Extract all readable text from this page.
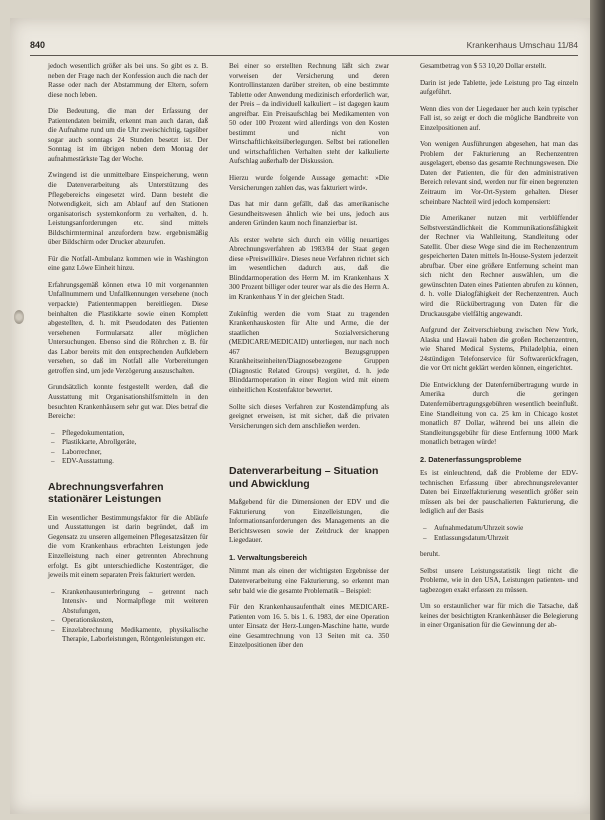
840	Krankenhaus Umschau 11/84

jedoch wesentlich größer als bei uns. So gibt es z. B. neben der Frage nach der Konfession auch die nach der Rasse oder nach der Abstammung der Eltern, sofern diese noch leben.

Die Bedeutung, die man der Erfassung der Patientendaten beimißt, erkennt man auch daran, daß die Aufnahme rund um die Uhr zweischichtig, tagsüber sogar auch sonntags 24 Stunden besetzt ist. Der Sonntag ist im übrigen neben dem Montag der aufnahmestärkste Tag der Woche.

Zwingend ist die unmittelbare Einspeicherung, wenn die Datenverarbeitung als Unterstützung des Pflegebereichs eingesetzt wird. Dann besteht die Notwendigkeit, sich am Ablauf auf den Stationen organisatorisch systemkonform zu verhalten, d. h. Leistungsanforderungen etc. sind mittels Bildschirmterminal anzufordern bzw. ergebnismäßig über Bildschirm oder Drucker abzurufen.

Für die Notfall-Ambulanz kommen wie in Washington eine ganz Löwe Einheit hinzu.

Erfahrungsgemäß können etwa 10 mit vorgenannten Unfallnummern und Unfallkennungen versehene (noch verpackte) Patientenmappen bereitliegen. Diese beinhalten die Plastikkarte sowie einen Komplett abgestellten, d. h. mit Pseudodaten des Patienten versehenen Formularsatz aller möglichen Untersuchungen. Ebenso sind die Röhrchen z. B. für das Labor bereits mit den entsprechenden Aufklebern versehen, so daß im Notfall alle Vorbereitungen getroffen sind, um jede Verzögerung auszuschalten.

Grundsätzlich konnte festgestellt werden, daß die Ausstattung mit Organisationshilfsmitteln in den besuchten Krankenhäusern sehr gut war. Dies betraf die Bereiche:

– Pflegedokumentation,
– Plastikkarte, Abrollgeräte,
– Laborrechner,
– EDV-Ausstattung.
Abrechnungsverfahren stationärer Leistungen

Ein wesentlicher Bestimmungsfaktor für die Abläufe und Ausstattungen ist darin begründet, daß im Gegensatz zu unseren allgemeinen Pflegesatzsätzen für die vom Krankenhaus erbrachten Leistungen jede Einzelleistung nach einer getrennten Abrechnung erfolgt. Es gibt unterschiedliche Kostenträger, die jeweils mit einem separaten Preis fakturiert werden.

– Krankenhausunterbringung – getrennt nach Intensiv- und Normalpflege mit weiteren Abstufungen,
– Operationskosten,
– Einzelabrechnung Medikamente, physikalische Therapie, Laborleistungen, Röntgenleistungen etc.

Bei einer so erstellten Rechnung läßt sich zwar vorweisen der Versicherung und deren Kontrollinstanzen darüber streiten, ob eine bestimmte Tablette oder Anwendung medizinisch erforderlich war, der Preis – da individuell kalkuliert – ist dagegen kaum angreifbar. Ein Preisaufschlag bei Medikamenten von 50 oder 100 Prozent wird allerdings von den Kosten bestimmt und nicht von Wirtschaftlichkeitsüberlegungen. Selbst bei rationellen und wirtschaftlichen Verhalten steht der kalkulierte Aufschlag außerhalb der Diskussion.

Hierzu wurde folgende Aussage gemacht: »Die Versicherungen zahlen das, was fakturiert wird«.

Das hat mir dann gefällt, daß das amerikanische Gesundheitswesen ähnlich wie bei uns, jedoch aus anderen Gründen kaum noch finanzierbar ist.

Als erster wehrte sich durch ein völlig neuartiges Abrechnungsverfahren ab 1983/84 der Staat gegen diese »Preiswillkür«. Dieses neue Verfahren richtet sich im wesentlichen dadurch aus, daß die Blinddarmoperation des Herrn M. im Krankenhaus X 300 Prozent billiger oder teurer war als die des Herrn A. im Krankenhaus Y in der gleichen Stadt.

Zukünftig werden die vom Staat zu tragenden Krankenhauskosten für Alte und Arme, die der staatlichen Sozialversicherung (MEDICARE/MEDICAID) unterliegen, nur nach noch 467 Bezugsgruppen Krankheitseinheiten/Diagnosebezogene Gruppen (Diagnostic Related Groups) vergütet, d. h. jede Blinddarmoperation in einer Region wird mit einem einheitlichen Kostenfaktor bewertet.

Sollte sich dieses Verfahren zur Kostendämpfung als geeignet erweisen, ist mit sicher, daß die privaten Versicherungen sich dem anschließen werden.

Datenverarbeitung – Situation und Abwicklung

Maßgebend für die Dimensionen der EDV und die Fakturierung von Einzelleistungen, die Informationsanforderungen des Managements an die Berichtswesen sowie der Zeitdruck der knappen Liegedauer.

1. Verwaltungsbereich

Nimmt man als einen der wichtigsten Ergebnisse der Datenverarbeitung eine Fakturierung, so erkennt man sehr bald wie die gesamte Problematik – Beispiel:

Für den Krankenhausaufenthalt eines MEDICARE-Patienten vom 16. 5. bis 1. 6. 1983, der eine Operation unter Einsatz der Herz-Lungen-Maschine hatte, wurde eine Gesamtrechnung von 13 Seiten mit ca. 350 Einzelpositionen über den

Gesamtbetrag von $ 53 10,20 Dollar erstellt.

Darin ist jede Tablette, jede Leistung pro Tag einzeln aufgeführt.

Wenn dies von der Liegedauer her auch kein typischer Fall ist, so zeigt er doch die mögliche Bandbreite von Einzelpositionen auf.

Von wenigen Ausführungen abgesehen, hat man das Problem der Fakturierung an Rechenzentren ausgelagert, ebenso das gesamte Rechnungswesen. Die Daten der Patienten, die für den administrativen Bereich relevant sind, werden nur für einen begrenzten Zeitraum im Vor-Ort-System gehalten. Dieser scheinbare Nachteil wird jedoch kompensiert:

Die Amerikaner nutzen mit verblüffender Selbstverständlichkeit die Kommunikationsfähigkeit der Rechner via Wahlleitung, Standleitung oder Satellit. Über diese Wege sind die im Rechenzentrum gespeicherten Daten mittels In-House-System jederzeit abrufbar. Über eine größere Entfernung scheint man sich nicht den Rechner auswählen, um die gewünschten Daten eines Patienten abrufen zu können, d. h. volle Dialogfähigkeit der Rechenzentren. Auch wird die Rückübertragung von Daten für die Druckausgabe vielfältig angewandt.

Aufgrund der Zeitverschiebung zwischen New York, Alaska und Hawaii haben die großen Rechenzentren, wie Shared Medical Systems, Philadelphia, einen 24stündigen Telefonservice für Softwarerückfragen, die vor Ort nicht geklärt werden können, eingerichtet.

Die Entwicklung der Datenfernübertragung wurde in Amerika durch die geringen Datenfernübertragungsgebühren wesentlich beeinflußt. Eine Standleitung von ca. 25 km in Chicago kostet monatlich 87 Dollar, während bei uns allein die Standleitungsgebühr für diese Entfernung 1000 Mark monatlich betragen würde!

2. Datenerfassungsprobleme

Es ist einleuchtend, daß die Probleme der EDV-technischen Erfassung über abrechnungsrelevanter Daten bei Einzelfakturierung wesentlich größer sein müssen als bei der pauschalierten Fakturierung, die lediglich auf der Basis

– Aufnahmedatum/Uhrzeit sowie
– Entlassungsdatum/Uhrzeit

beruht.

Selbst unsere Leistungsstatistik liegt nicht die Probleme, wie in den USA, Leistungen patienten- und tagbezogen exakt erfassen zu müssen.

Um so erstaunlicher war für mich die Tatsache, daß keines der besichtigten Krankenhäuser die Belegierung in einer Organisation für die Gewinnung der ab-
